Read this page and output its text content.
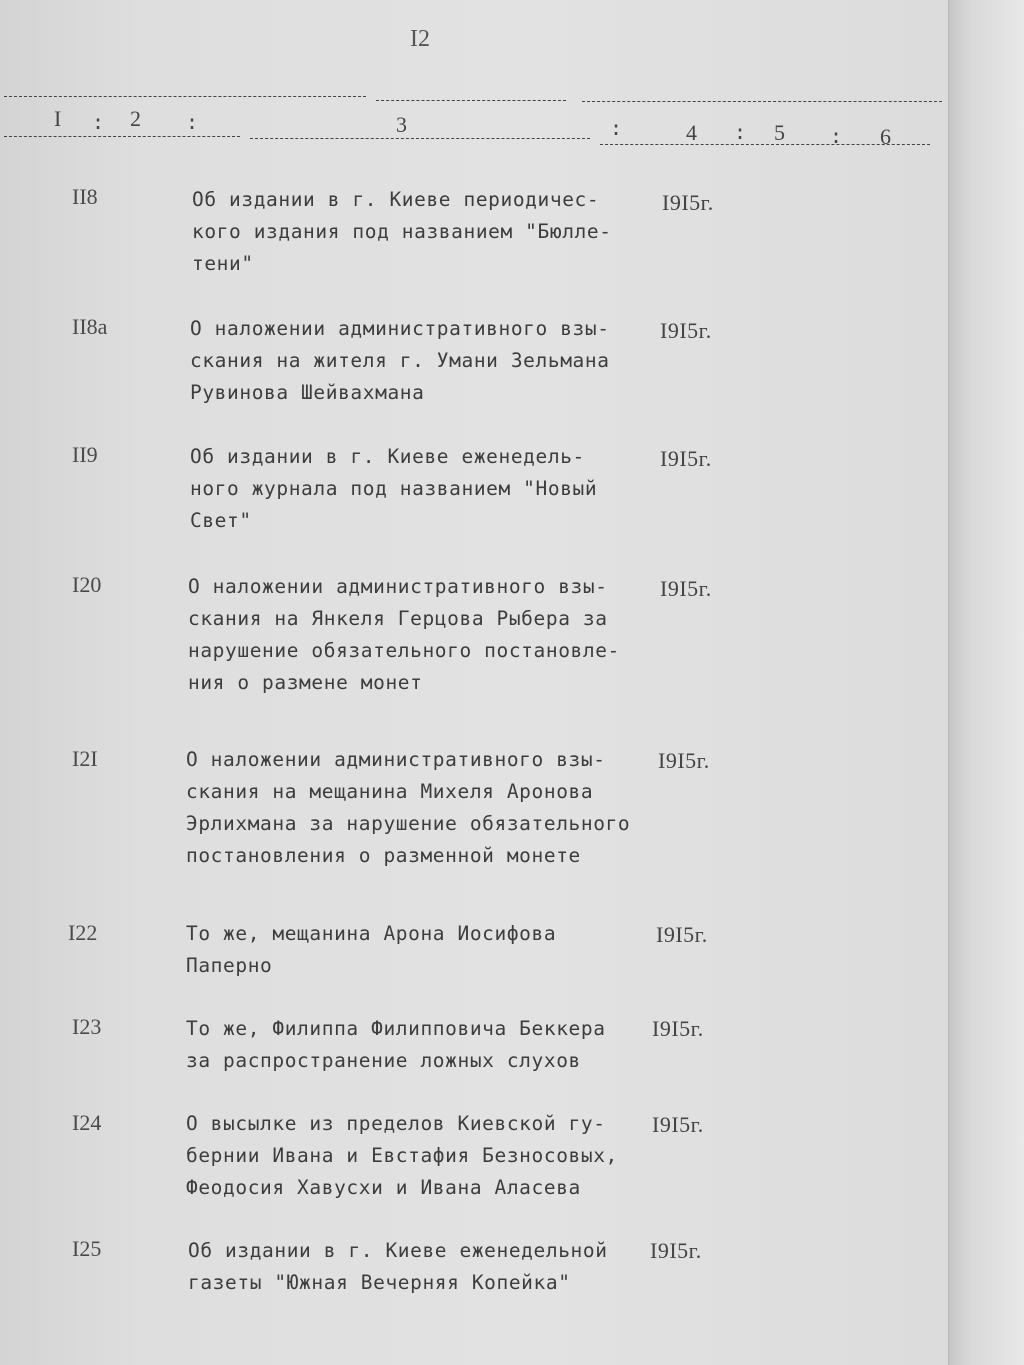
I2
I : 2 :	3	:	4 : 5 : 6
II8	Об издании в г. Киеве периодичес-
кого издания под названием "Бюлле-
тени"
I9I5г.
II8а	О наложении административного взы-
скания на жителя г. Умани Зельмана
Рувинова Шейвахмана
I9I5г.
II9	Об издании в г. Киеве еженедель-
ного журнала под названием "Новый
Свет"
I9I5г.
I20	О наложении административного взы-
скания на Янкеля Герцова Рыбера за
нарушение обязательного постановле-
ния о размене монет
I9I5г.
I2I	О наложении административного взы-
скания на мещанина Михеля Аронова
Эрлихмана за нарушение обязательного
постановления о разменной монете
I9I5г.
I22	То же, мещанина Арона Иосифова
Паперно
I9I5г.
I23	То же, Филиппа Филипповича Беккера
за распространение ложных слухов
I9I5г.
I24	О высылке из пределов Киевской гу-
бернии Ивана и Евстафия Безносовых,
Феодосия Хавусхи и Ивана Аласева
I9I5г.
I25	Об издании в г. Киеве еженедельной
газеты "Южная Вечерняя Копейка"
I9I5г.
